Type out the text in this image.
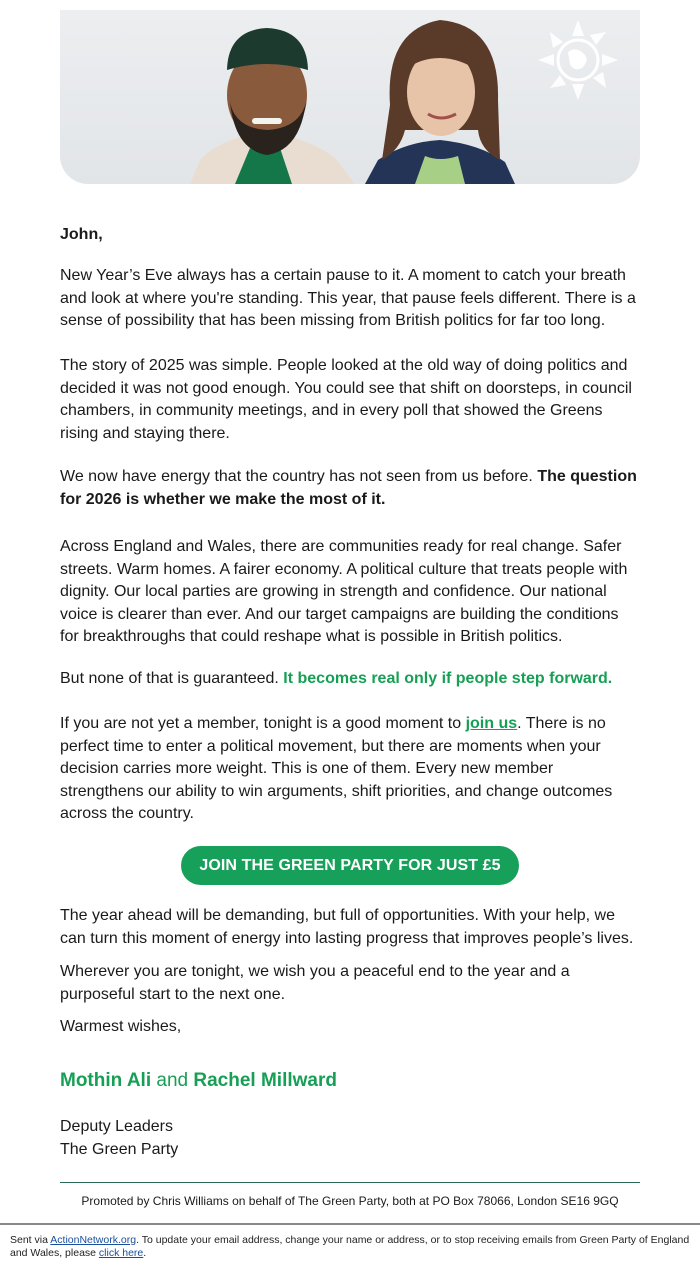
John,
New Year’s Eve always has a certain pause to it. A moment to catch your breath and look at where you're standing. This year, that pause feels different. There is a sense of possibility that has been missing from British politics for far too long.
The story of 2025 was simple. People looked at the old way of doing politics and decided it was not good enough. You could see that shift on doorsteps, in council chambers, in community meetings, and in every poll that showed the Greens rising and staying there.
We now have energy that the country has not seen from us before. The question for 2026 is whether we make the most of it.
Across England and Wales, there are communities ready for real change. Safer streets. Warm homes. A fairer economy. A political culture that treats people with dignity. Our local parties are growing in strength and confidence. Our national voice is clearer than ever. And our target campaigns are building the conditions for breakthroughs that could reshape what is possible in British politics.
But none of that is guaranteed. It becomes real only if people step forward.
If you are not yet a member, tonight is a good moment to join us. There is no perfect time to enter a political movement, but there are moments when your decision carries more weight. This is one of them. Every new member strengthens our ability to win arguments, shift priorities, and change outcomes across the country.
JOIN THE GREEN PARTY FOR JUST £5
The year ahead will be demanding, but full of opportunities. With your help, we can turn this moment of energy into lasting progress that improves people’s lives.
Wherever you are tonight, we wish you a peaceful end to the year and a purposeful start to the next one.
Warmest wishes,
Mothin Ali and Rachel Millward
Deputy Leaders
The Green Party
Promoted by Chris Williams on behalf of The Green Party, both at PO Box 78066, London SE16 9GQ
Sent via ActionNetwork.org. To update your email address, change your name or address, or to stop receiving emails from Green Party of England and Wales, please click here.
